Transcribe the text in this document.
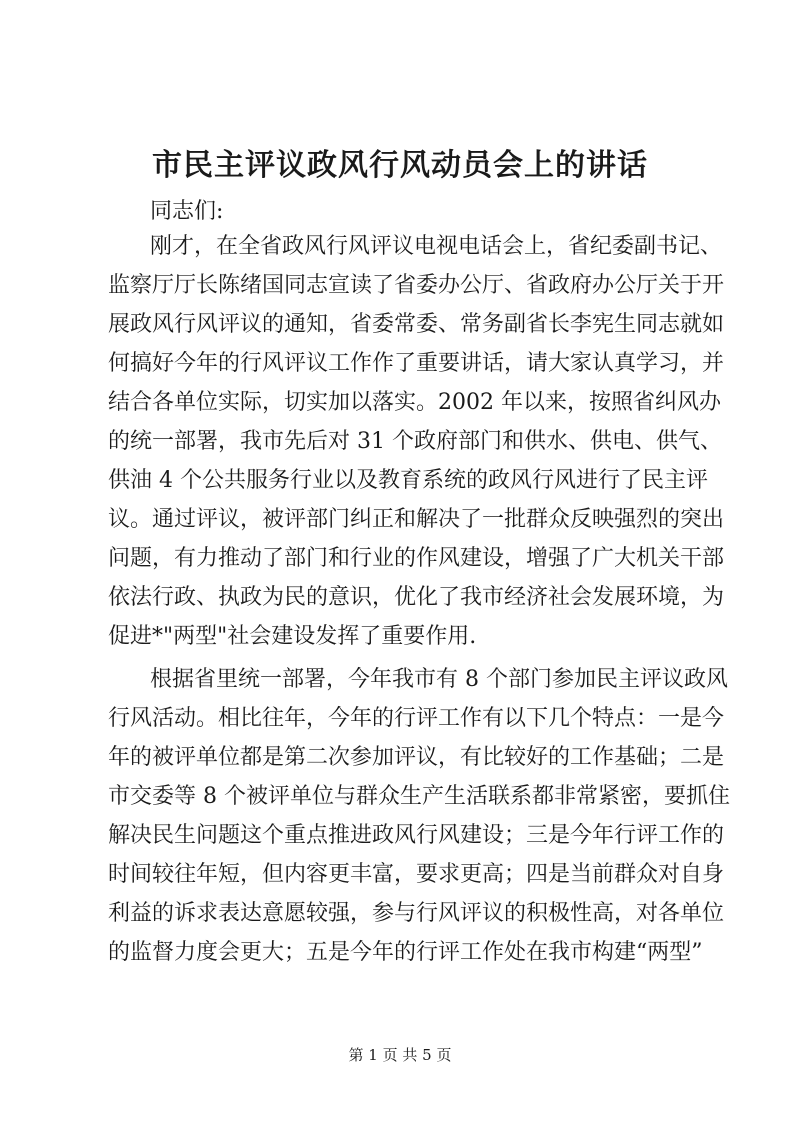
市民主评议政风行风动员会上的讲话
同志们:
刚才，在全省政风行风评议电视电话会上，省纪委副书记、
监察厅厅长陈绪国同志宣读了省委办公厅、省政府办公厅关于开
展政风行风评议的通知，省委常委、常务副省长李宪生同志就如
何搞好今年的行风评议工作作了重要讲话，请大家认真学习，并
结合各单位实际，切实加以落实。2002 年以来，按照省纠风办
的统一部署，我市先后对 31 个政府部门和供水、供电、供气、
供油 4 个公共服务行业以及教育系统的政风行风进行了民主评
议。通过评议，被评部门纠正和解决了一批群众反映强烈的突出
问题，有力推动了部门和行业的作风建设，增强了广大机关干部
依法行政、执政为民的意识，优化了我市经济社会发展环境，为
促进*"两型"社会建设发挥了重要作用.
根据省里统一部署，今年我市有 8 个部门参加民主评议政风
行风活动。相比往年，今年的行评工作有以下几个特点：一是今
年的被评单位都是第二次参加评议，有比较好的工作基础；二是
市交委等 8 个被评单位与群众生产生活联系都非常紧密，要抓住
解决民生问题这个重点推进政风行风建设；三是今年行评工作的
时间较往年短，但内容更丰富，要求更高；四是当前群众对自身
利益的诉求表达意愿较强，参与行风评议的积极性高，对各单位
的监督力度会更大；五是今年的行评工作处在我市构建“两型”
第 1 页 共 5 页
